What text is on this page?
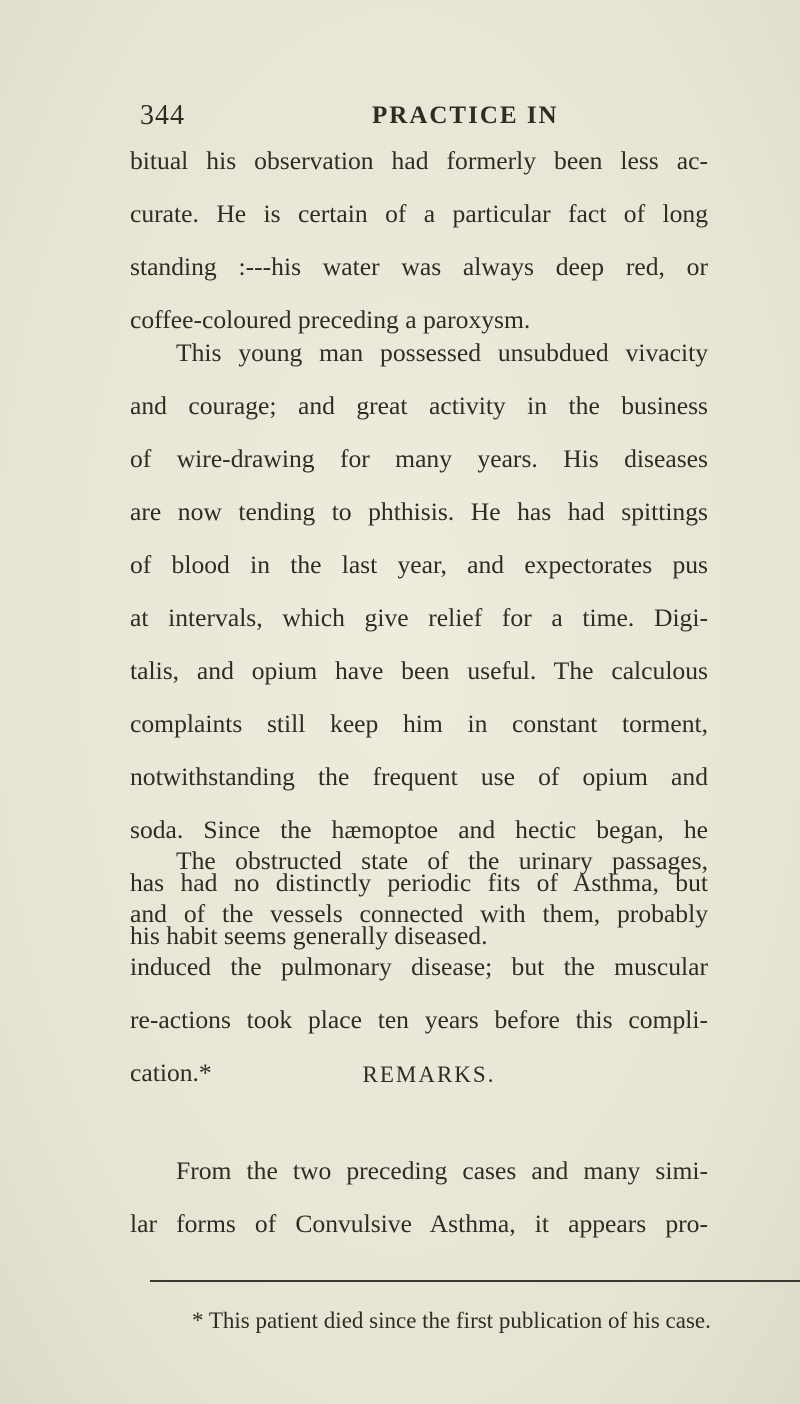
344	PRACTICE IN
bitual his observation had formerly been less ac-
curate. He is certain of a particular fact of long
standing :---his water was always deep red, or
coffee-coloured preceding a paroxysm.
This young man possessed unsubdued vivacity
and courage; and great activity in the business
of wire-drawing for many years. His diseases
are now tending to phthisis. He has had spittings
of blood in the last year, and expectorates pus
at intervals, which give relief for a time. Digi-
talis, and opium have been useful. The calculous
complaints still keep him in constant torment,
notwithstanding the frequent use of opium and
soda. Since the hæmoptoe and hectic began, he
has had no distinctly periodic fits of Asthma, but
his habit seems generally diseased.
The obstructed state of the urinary passages,
and of the vessels connected with them, probably
induced the pulmonary disease; but the muscular
re-actions took place ten years before this compli-
cation.*	REMARKS.
From the two preceding cases and many simi-
lar forms of Convulsive Asthma, it appears pro-
* This patient died since the first publication of his case.
